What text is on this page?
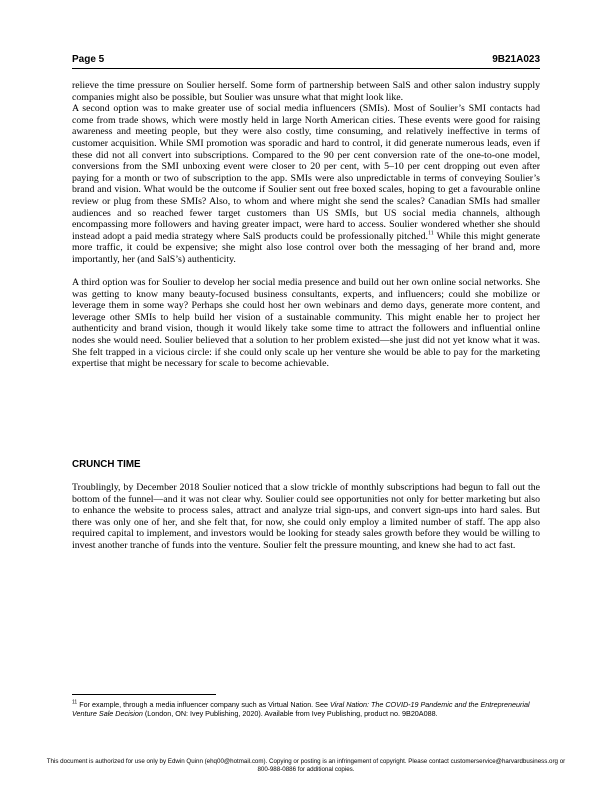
Page 5	9B21A023

relieve the time pressure on Soulier herself. Some form of partnership between SalS and other salon industry supply companies might also be possible, but Soulier was unsure what that might look like.

A second option was to make greater use of social media influencers (SMIs). Most of Soulier’s SMI contacts had come from trade shows, which were mostly held in large North American cities. These events were good for raising awareness and meeting people, but they were also costly, time consuming, and relatively ineffective in terms of customer acquisition. While SMI promotion was sporadic and hard to control, it did generate numerous leads, even if these did not all convert into subscriptions. Compared to the 90 per cent conversion rate of the one-to-one model, conversions from the SMI unboxing event were closer to 20 per cent, with 5–10 per cent dropping out even after paying for a month or two of subscription to the app. SMIs were also unpredictable in terms of conveying Soulier’s brand and vision. What would be the outcome if Soulier sent out free boxed scales, hoping to get a favourable online review or plug from these SMIs? Also, to whom and where might she send the scales? Canadian SMIs had smaller audiences and so reached fewer target customers than US SMIs, but US social media channels, although encompassing more followers and having greater impact, were hard to access. Soulier wondered whether she should instead adopt a paid media strategy where SalS products could be professionally pitched.$^{11}$ While this might generate more traffic, it could be expensive; she might also lose control over both the messaging of her brand and, more importantly, her (and SalS’s) authenticity.

A third option was for Soulier to develop her social media presence and build out her own online social networks. She was getting to know many beauty-focused business consultants, experts, and influencers; could she mobilize or leverage them in some way? Perhaps she could host her own webinars and demo days, generate more content, and leverage other SMIs to help build her vision of a sustainable community. This might enable her to project her authenticity and brand vision, though it would likely take some time to attract the followers and influential online nodes she would need. Soulier believed that a solution to her problem existed—she just did not yet know what it was. She felt trapped in a vicious circle: if she could only scale up her venture she would be able to pay for the marketing expertise that might be necessary for scale to become achievable.

CRUNCH TIME

Troublingly, by December 2018 Soulier noticed that a slow trickle of monthly subscriptions had begun to fall out the bottom of the funnel—and it was not clear why. Soulier could see opportunities not only for better marketing but also to enhance the website to process sales, attract and analyze trial sign-ups, and convert sign-ups into hard sales. But there was only one of her, and she felt that, for now, she could only employ a limited number of staff. The app also required capital to implement, and investors would be looking for steady sales growth before they would be willing to invest another tranche of funds into the venture. Soulier felt the pressure mounting, and knew she had to act fast.

$^{11}$ For example, through a media influencer company such as Virtual Nation. See Viral Nation: The COVID-19 Pandemic and the Entrepreneurial Venture Sale Decision (London, ON: Ivey Publishing, 2020). Available from Ivey Publishing, product no. 9B20A088.
This document is authorized for use only by Edwin Quinn (ehq00@hotmail.com). Copying or posting is an infringement of copyright. Please contact customerservice@harvardbusiness.org or
800-988-0886 for additional copies.
